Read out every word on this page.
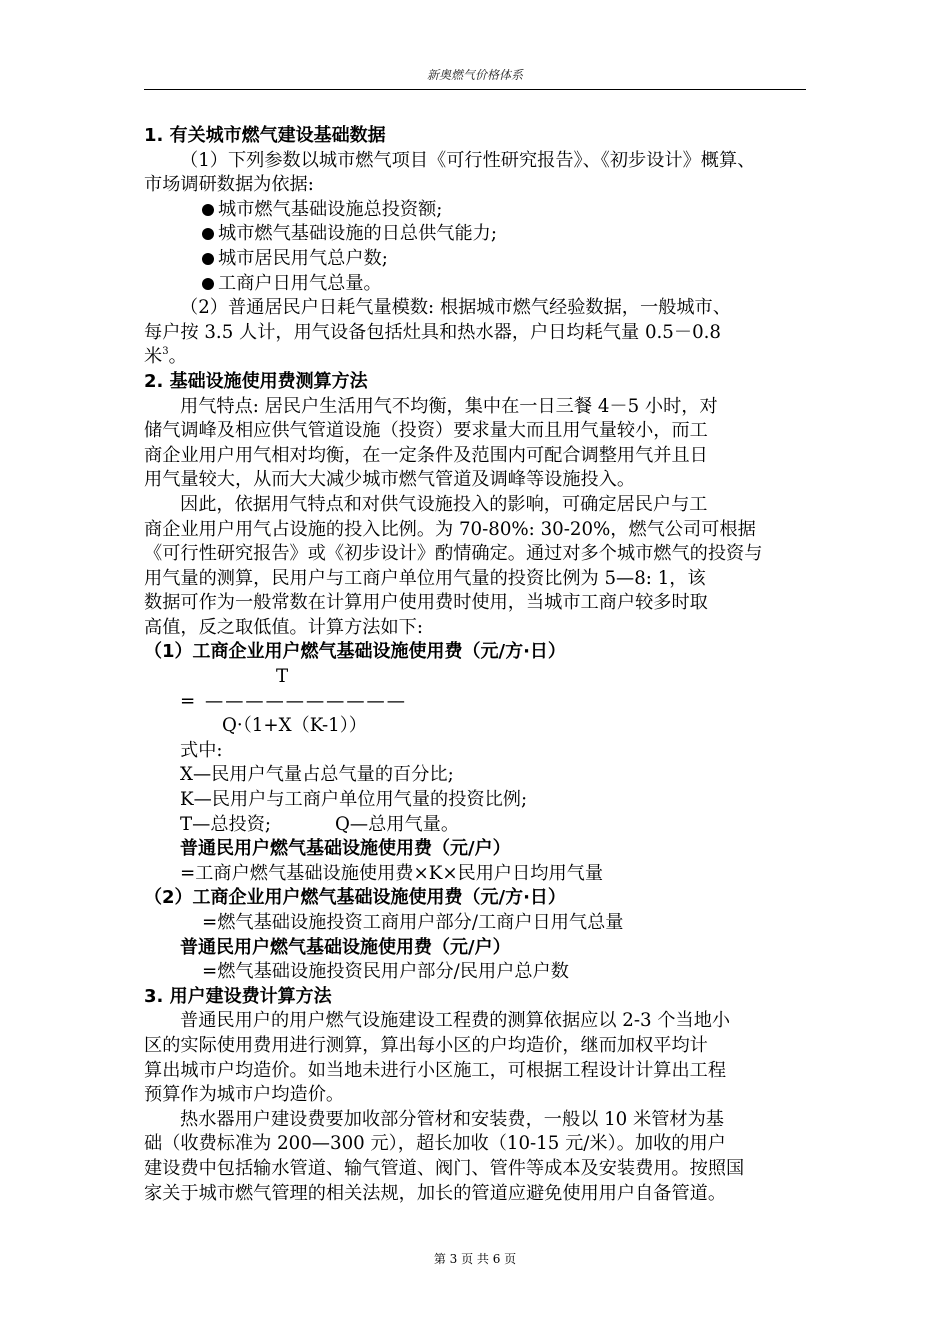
新奥燃气价格体系

1. 有关城市燃气建设基础数据

（1）下列参数以城市燃气项目《可行性研究报告》、《初步设计》概算、

市场调研数据为依据:

城市燃气基础设施总投资额;

城市燃气基础设施的日总供气能力;

城市居民用气总户数;

工商户日用气总量。

（2）普通居民户日耗气量模数: 根据城市燃气经验数据，一般城市、

每户按 3.5 人计，用气设备包括灶具和热水器，户日均耗气量 0.5－0.8

米$^3$。

2. 基础设施使用费测算方法

用气特点: 居民户生活用气不均衡，集中在一日三餐 4－5 小时，对

储气调峰及相应供气管道设施（投资）要求量大而且用气量较小，而工

商企业用户用气相对均衡，在一定条件及范围内可配合调整用气并且日

用气量较大，从而大大减少城市燃气管道及调峰等设施投入。

因此，依据用气特点和对供气设施投入的影响，可确定居民户与工

商企业用户用气占设施的投入比例。为 70-80%: 30-20%，燃气公司可根据

《可行性研究报告》或《初步设计》酌情确定。通过对多个城市燃气的投资与

用气量的测算，民用户与工商户单位用气量的投资比例为 5—8: 1，该

数据可作为一般常数在计算用户使用费时使用，当城市工商户较多时取

高值，反之取低值。计算方法如下:

（1）工商企业用户燃气基础设施使用费（元/方·日）

T

= ——————————

Q·（1+X（K-1））

式中:

X—民用户气量占总气量的百分比;

K—民用户与工商户单位用气量的投资比例;

T—总投资;	Q—总用气量。

普通民用户燃气基础设施使用费（元/户）

=工商户燃气基础设施使用费×K×民用户日均用气量

（2）工商企业用户燃气基础设施使用费（元/方·日）

=燃气基础设施投资工商用户部分/工商户日用气总量

普通民用户燃气基础设施使用费（元/户）

=燃气基础设施投资民用户部分/民用户总户数

3. 用户建设费计算方法

普通民用户的用户燃气设施建设工程费的测算依据应以 2-3 个当地小

区的实际使用费用进行测算，算出每小区的户均造价，继而加权平均计

算出城市户均造价。如当地未进行小区施工，可根据工程设计计算出工程

预算作为城市户均造价。

热水器用户建设费要加收部分管材和安装费，一般以 10 米管材为基

础（收费标准为 200—300 元），超长加收（10-15 元/米）。加收的用户

建设费中包括输水管道、输气管道、阀门、管件等成本及安装费用。按照国

家关于城市燃气管理的相关法规，加长的管道应避免使用用户自备管道。

第 3 页 共 6 页
